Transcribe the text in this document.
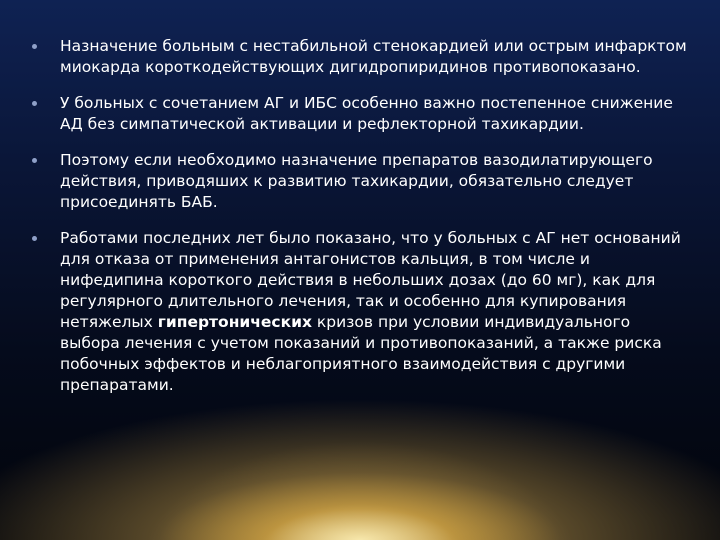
Назначение больным с нестабильной стенокардией или острым инфарктом миокарда короткодействующих дигидропиридинов противопоказано.
У больных с сочетанием АГ и ИБС особенно важно постепенное снижение АД без симпатической активации и рефлекторной тахикардии.
Поэтому если необходимо назначение препаратов вазодилатирующего действия, приводяших к развитию тахикардии, обязательно следует присоединять БАБ.
Работами последних лет было показано, что у больных с АГ нет оснований для отказа от применения антагонистов кальция, в том числе и нифедипина короткого действия в небольших дозах (до 60 мг), как для регулярного длительного лечения, так и особенно для купирования нетяжелых гипертонических кризов при условии индивидуального выбора лечения с учетом показаний и противопоказаний, а также риска побочных эффектов и неблагоприятного взаимодействия с другими препаратами.
